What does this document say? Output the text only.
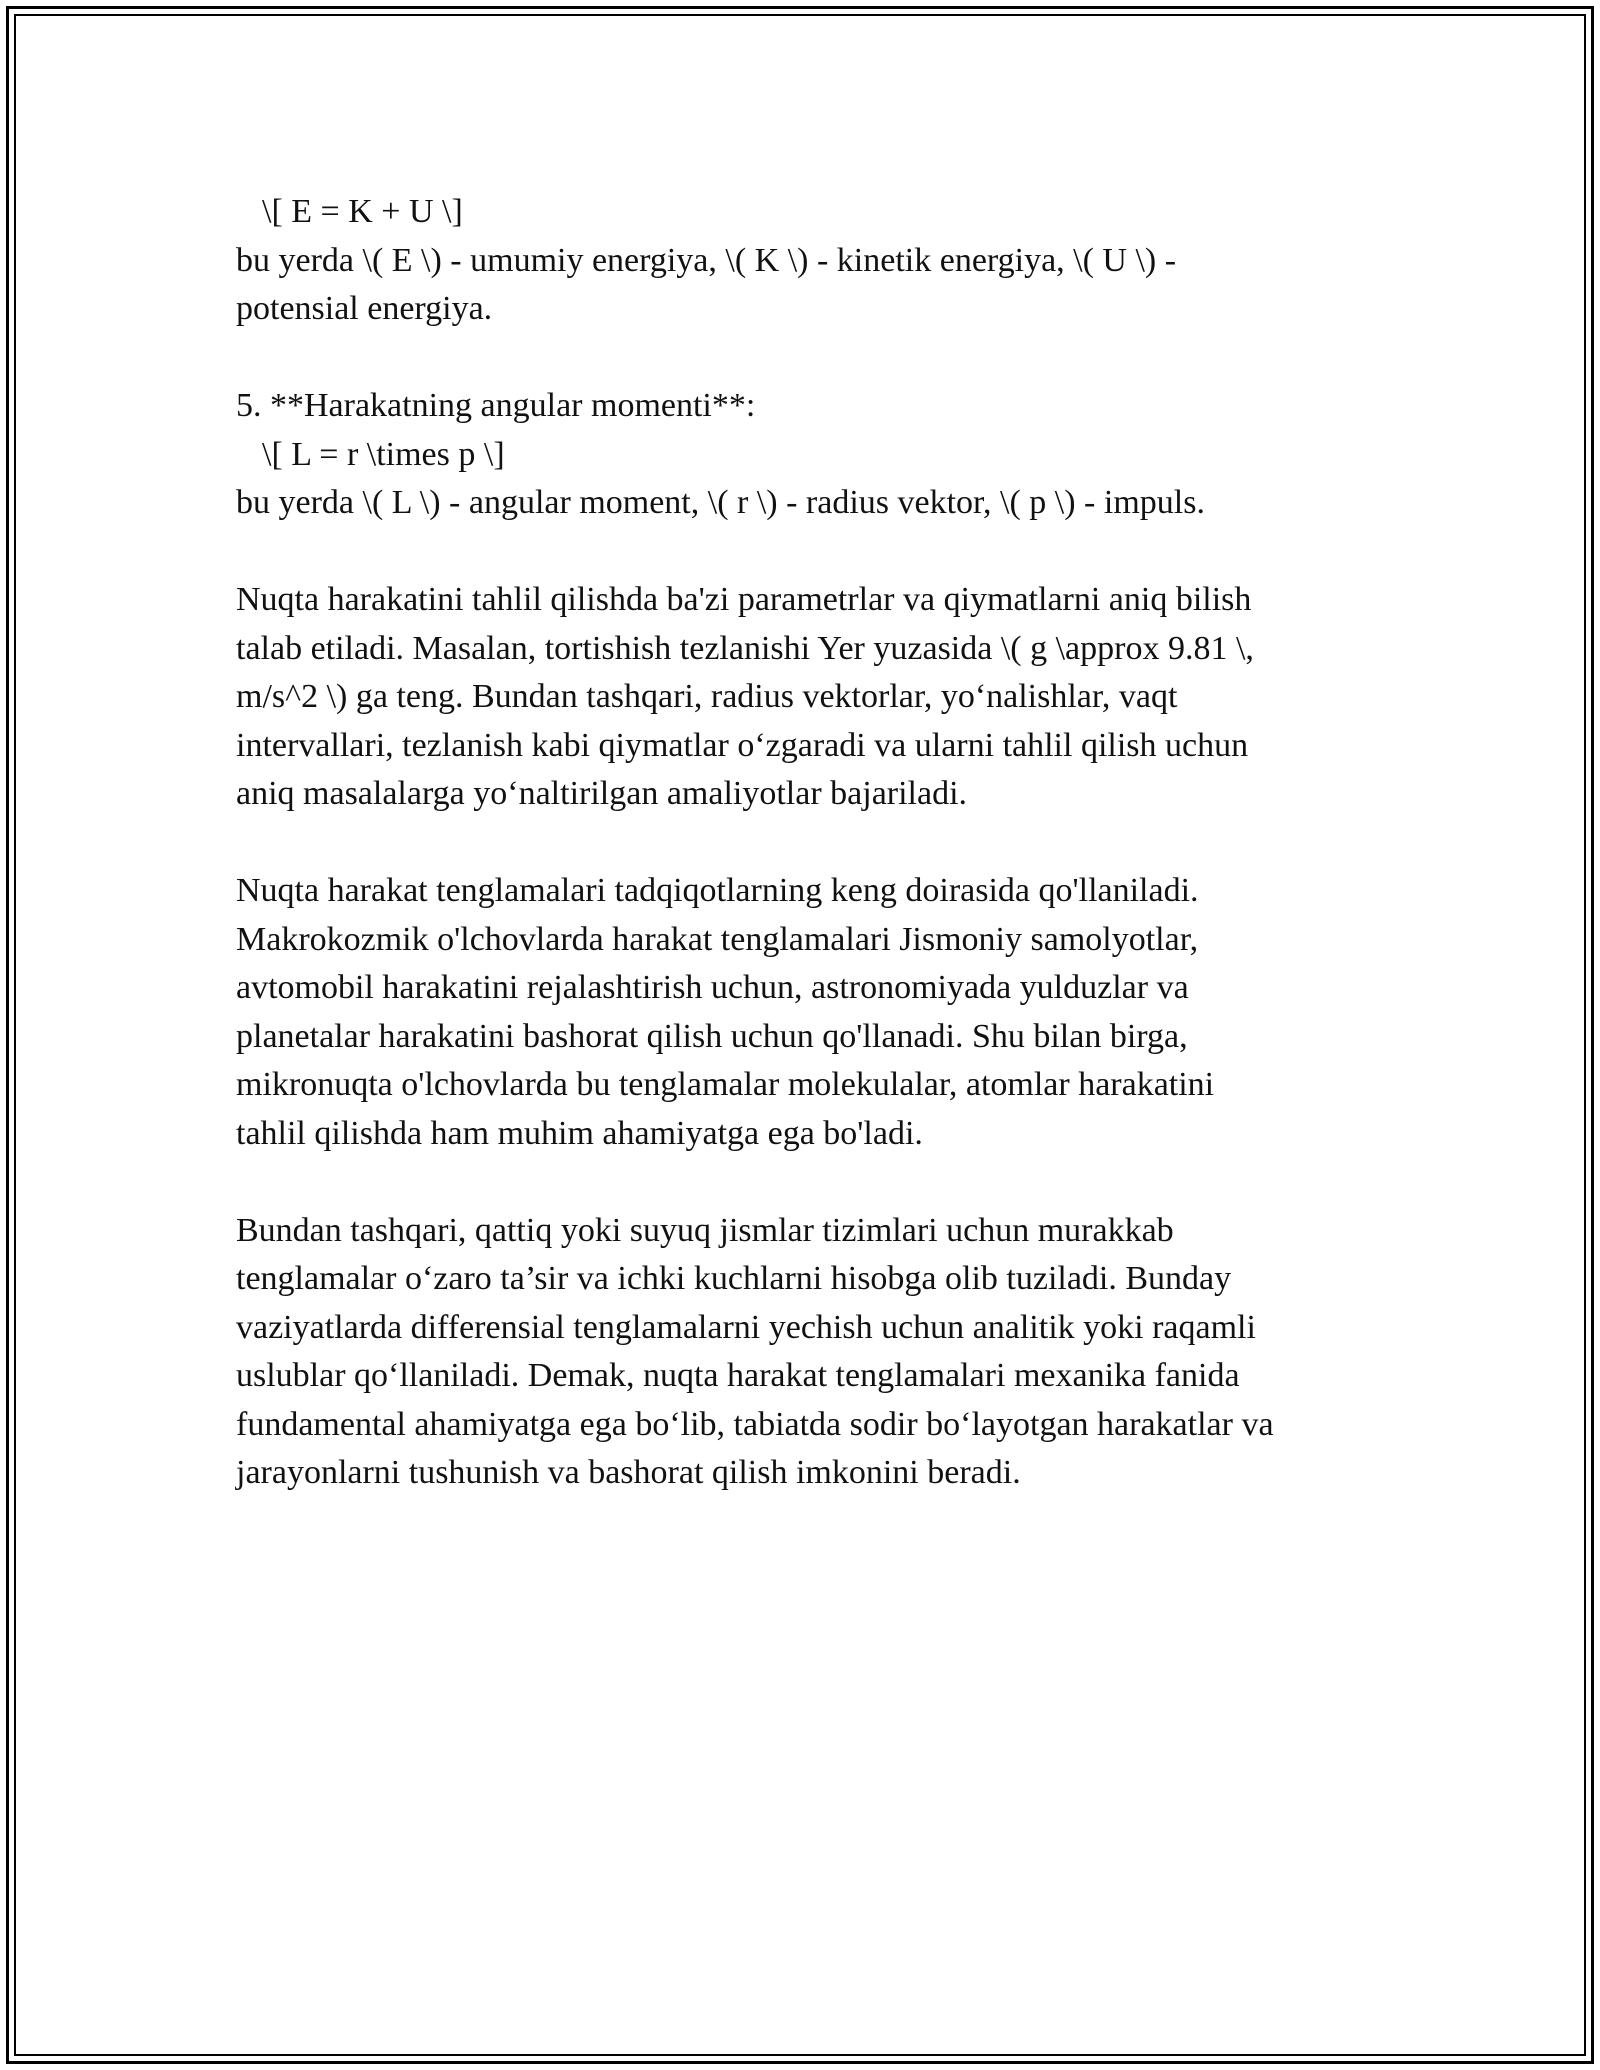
\[ E = K + U \]
bu yerda \( E \) - umumiy energiya, \( K \) - kinetik energiya, \( U \) -
potensial energiya.
5. **Harakatning angular momenti**:
\[ L = r \times p \]
bu yerda \( L \) - angular moment, \( r \) - radius vektor, \( p \) - impuls.
Nuqta harakatini tahlil qilishda ba'zi parametrlar va qiymatlarni aniq bilish
talab etiladi. Masalan, tortishish tezlanishi Yer yuzasida \( g \approx 9.81 \,
m/s^2 \) ga teng. Bundan tashqari, radius vektorlar, yo‘nalishlar, vaqt
intervallari, tezlanish kabi qiymatlar o‘zgaradi va ularni tahlil qilish uchun
aniq masalalarga yo‘naltirilgan amaliyotlar bajariladi.
Nuqta harakat tenglamalari tadqiqotlarning keng doirasida qo'llaniladi.
Makrokozmik o'lchovlarda harakat tenglamalari Jismoniy samolyotlar,
avtomobil harakatini rejalashtirish uchun, astronomiyada yulduzlar va
planetalar harakatini bashorat qilish uchun qo'llanadi. Shu bilan birga,
mikronuqta o'lchovlarda bu tenglamalar molekulalar, atomlar harakatini
tahlil qilishda ham muhim ahamiyatga ega bo'ladi.
Bundan tashqari, qattiq yoki suyuq jismlar tizimlari uchun murakkab
tenglamalar o‘zaro ta’sir va ichki kuchlarni hisobga olib tuziladi. Bunday
vaziyatlarda differensial tenglamalarni yechish uchun analitik yoki raqamli
uslublar qo‘llaniladi. Demak, nuqta harakat tenglamalari mexanika fanida
fundamental ahamiyatga ega bo‘lib, tabiatda sodir bo‘layotgan harakatlar va
jarayonlarni tushunish va bashorat qilish imkonini beradi.
